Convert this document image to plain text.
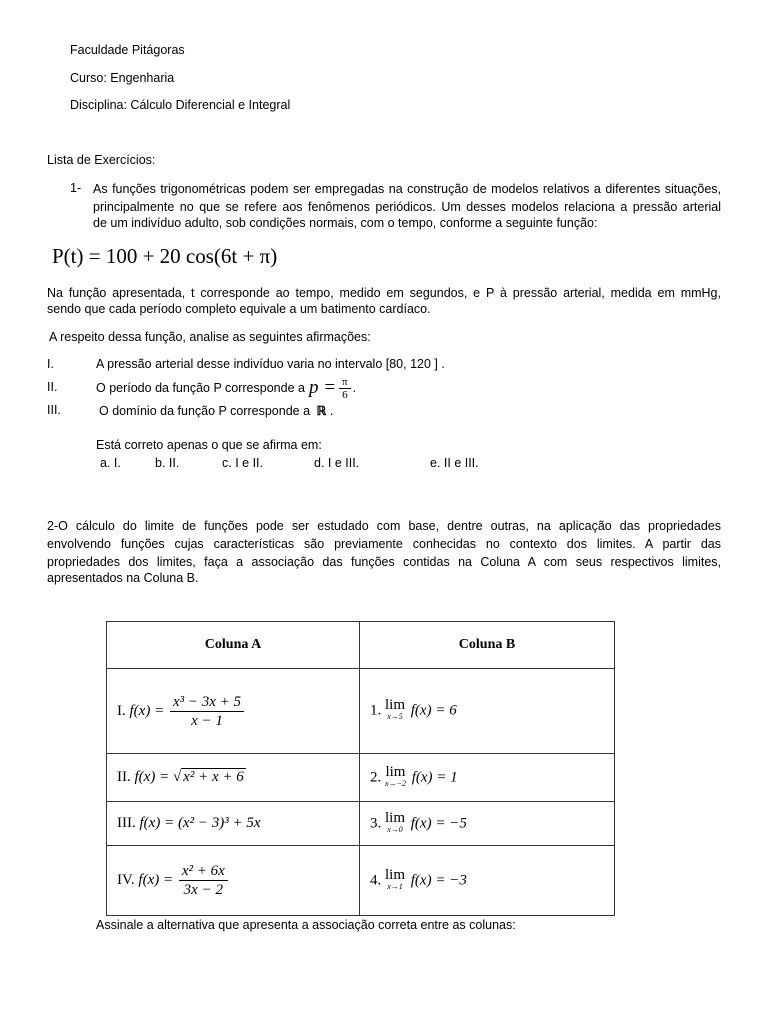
Faculdade Pitágoras
Curso: Engenharia
Disciplina: Cálculo Diferencial e Integral
Lista de Exercícios:
1- As funções trigonométricas podem ser empregadas na construção de modelos relativos a diferentes situações,
principalmente no que se refere aos fenômenos periódicos. Um desses modelos relaciona a pressão arterial
de um indivíduo adulto, sob condições normais, com o tempo, conforme a seguinte função:
P(t) = 100 + 20 cos(6t + π)
Na função apresentada, t corresponde ao tempo, medido em segundos, e P à pressão arterial, medida em mmHg,
sendo que cada período completo equivale a um batimento cardíaco.
A respeito dessa função, analise as seguintes afirmações:
I.	A pressão arterial desse indivíduo varia no intervalo [80, 120 ] .
II.	O período da função P corresponde a $p = \frac{\pi}{6}$ .
III.	O domínio da função P corresponde a ℝ .
Está correto apenas o que se afirma em:
a. I.	b. II.	c. I e II.	d. I e III.	e. II e III.
2-O cálculo do limite de funções pode ser estudado com base, dentre outras, na aplicação das propriedades
envolvendo funções cujas características são previamente conhecidas no contexto dos limites. A partir das
propriedades dos limites, faça a associação das funções contidas na Coluna A com seus respectivos limites,
apresentados na Coluna B.
Coluna A	Coluna B
I. $f(x) = \frac{\text{x³ − 3x + 5}}{x - 1}$	1. lim
x→5 f(x) = 6
II. f(x) = √ x² + x + 6	2. lim
x→−2 f(x) = 1
III. f(x) = (x² − 3)³ + 5x	3. lim
x→0 f(x) = −5
IV. $f(x) = \frac{\text{x² + 6x}}{3x - 2}$	4. lim
x→1 f(x) = −3
Assinale a alternativa que apresenta a associação correta entre as colunas:
